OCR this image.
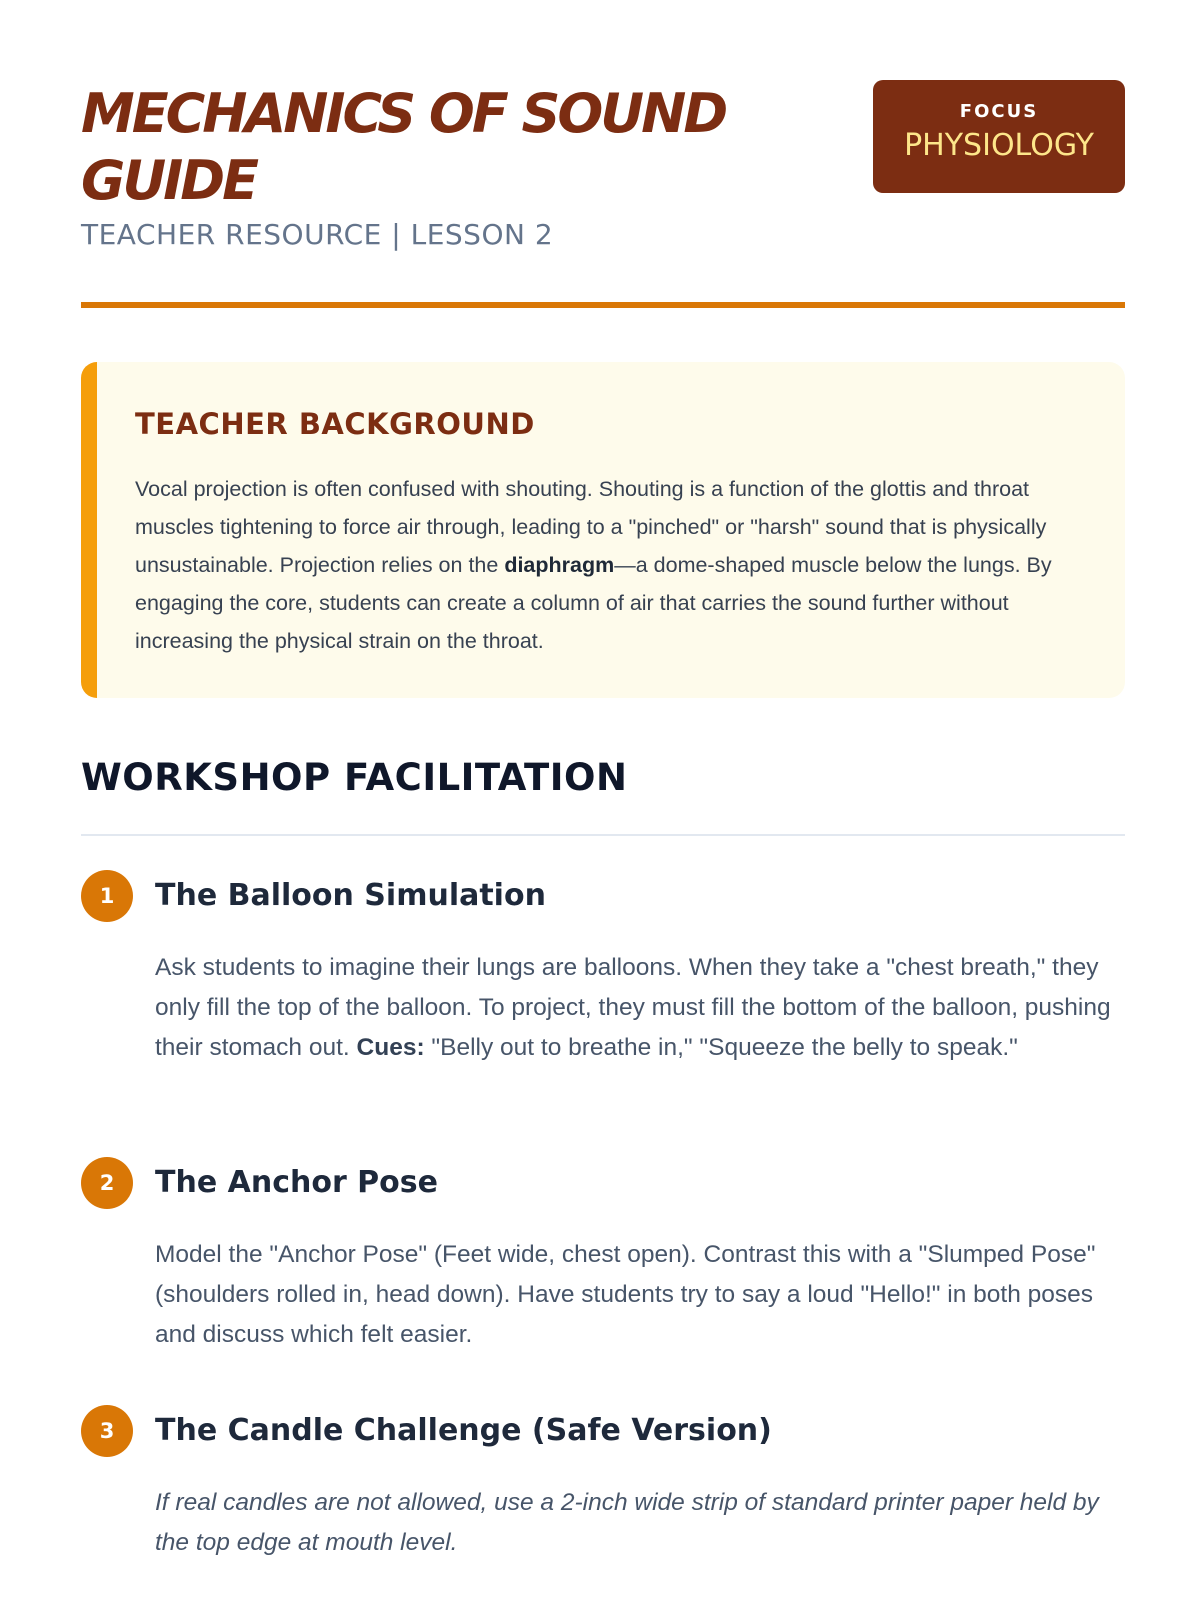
MECHANICS OF SOUND GUIDE

TEACHER RESOURCE | LESSON 2

FOCUS
PHYSIOLOGY
TEACHER BACKGROUND

Vocal projection is often confused with shouting. Shouting is a function of the glottis and throat muscles tightening to force air through, leading to a "pinched" or "harsh" sound that is physically unsustainable. Projection relies on the diaphragm—a dome-shaped muscle below the lungs. By engaging the core, students can create a column of air that carries the sound further without increasing the physical strain on the throat.

WORKSHOP FACILITATION
1	The Balloon Simulation

Ask students to imagine their lungs are balloons. When they take a "chest breath," they only fill the top of the balloon. To project, they must fill the bottom of the balloon, pushing their stomach out. Cues: "Belly out to breathe in," "Squeeze the belly to speak."

2	The Anchor Pose

Model the "Anchor Pose" (Feet wide, chest open). Contrast this with a "Slumped Pose" (shoulders rolled in, head down). Have students try to say a loud "Hello!" in both poses and discuss which felt easier.

3	The Candle Challenge (Safe Version)

If real candles are not allowed, use a 2-inch wide strip of standard printer paper held by the top edge at mouth level.
